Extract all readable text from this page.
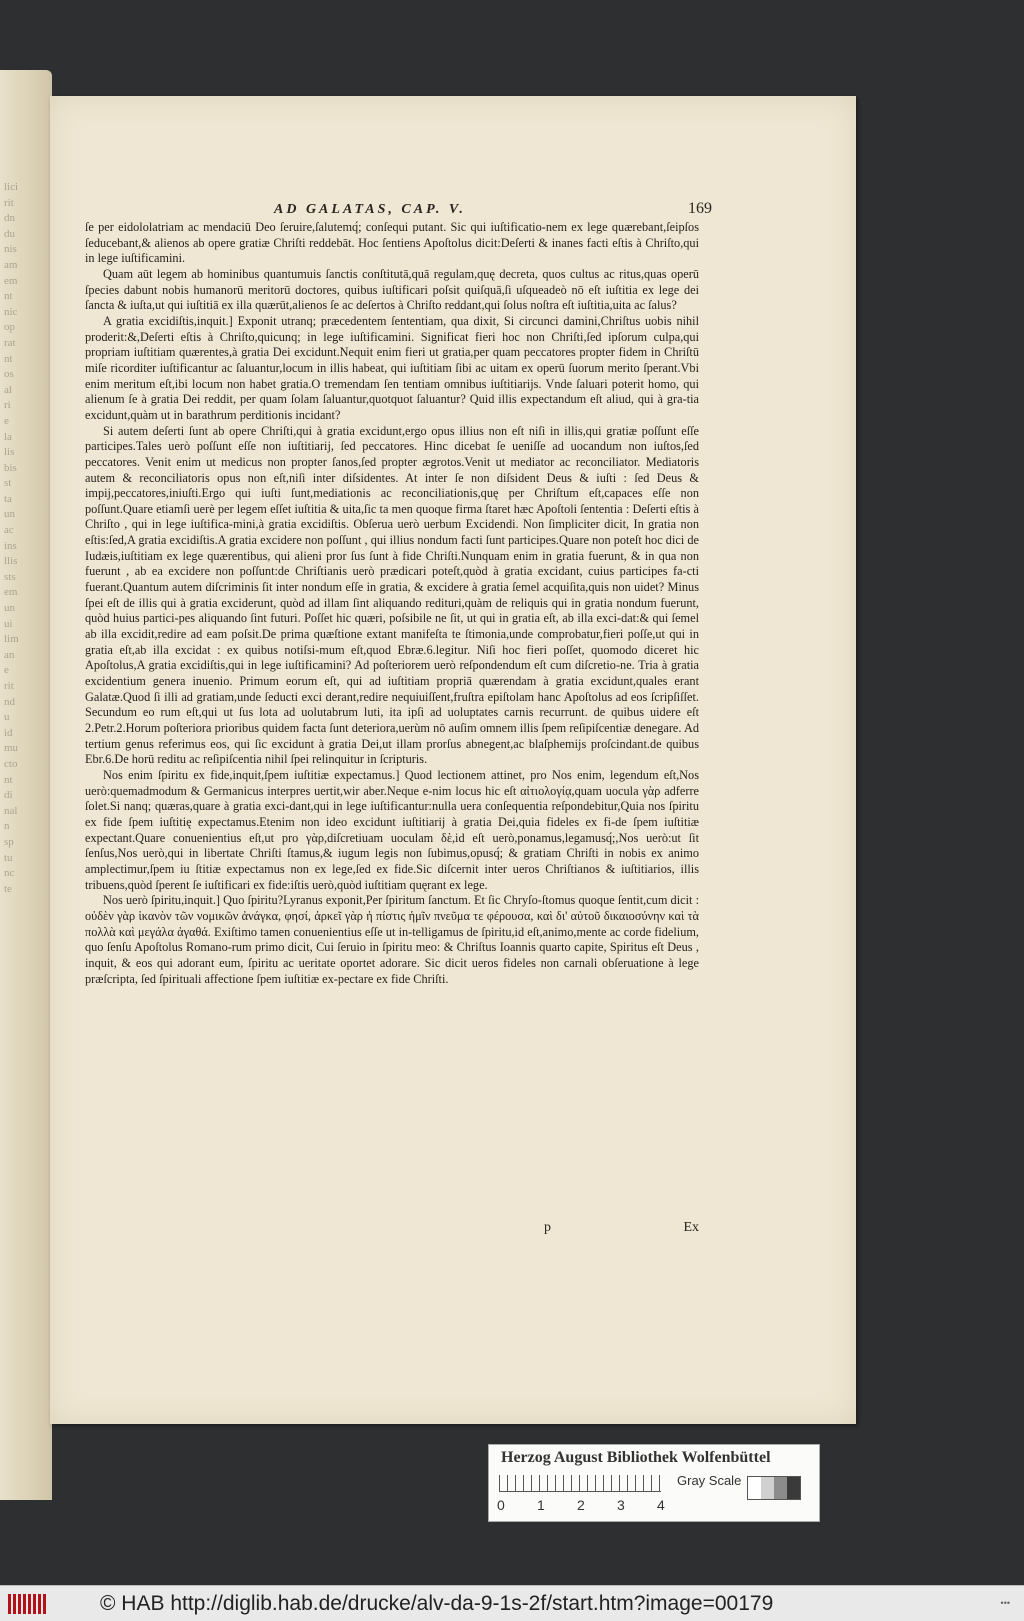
lici
rit
dn
du
nis
am
em
nt
nic
op
rat
nt
os
al
ri
e
la
lis
bis
st
ta
un
ac
ins
llis
sts
em
un
ui
lim
an
e
rit
nd
u
id
mu
cto
nt
di
nal
n
sp
tu
nc
te

AD GALATAS, CAP. V.	169

ſe per eidololatriam ac mendaciū Deo ſeruire,ſalutemq́; conſequi putant. Sic qui iuſtificatio-nem ex lege quærebant,ſeipſos ſeducebant,& alienos ab opere gratiæ Chriſti reddebāt. Hoc ſentiens Apoſtolus dicit:Deſerti & inanes facti eſtis à Chriſto,qui in lege iuſtificamini.

Quam aūt legem ab hominibus quantumuis ſanctis conſtitutā,quā regulam,quę decreta, quos cultus ac ritus,quas operū ſpecies dabunt nobis humanorū meritorū doctores, quibus iuſtificari poſsit quiſquā,ſi uſqueadeò nō eſt iuſtitia ex lege dei ſancta & iuſta,ut qui iuſtitiā ex illa quærūt,alienos ſe ac deſertos à Chriſto reddant,qui ſolus noſtra eſt iuſtitia,uita ac ſalus?

A gratia excidiſtis,inquit.] Exponit utranq; præcedentem ſententiam, qua dixit, Si circunci damini,Chriſtus uobis nihil proderit:&,Deſerti eſtis à Chriſto,quicunq; in lege iuſtificamini. Significat fieri hoc non Chriſti,ſed ipſorum culpa,qui propriam iuſtitiam quærentes,à gratia Dei excidunt.Nequit enim fieri ut gratia,per quam peccatores propter fidem in Chriſtū miſe ricorditer iuſtificantur ac ſaluantur,locum in illis habeat, qui iuſtitiam ſibi ac uitam ex operū ſuorum merito ſperant.Vbi enim meritum eſt,ibi locum non habet gratia.O tremendam ſen tentiam omnibus iuſtitiarijs. Vnde ſaluari poterit homo, qui alienum ſe à gratia Dei reddit, per quam ſolam ſaluantur,quotquot ſaluantur? Quid illis expectandum eſt aliud, qui à gra-tia excidunt,quàm ut in barathrum perditionis incidant?

Si autem deſerti ſunt ab opere Chriſti,qui à gratia excidunt,ergo opus illius non eſt niſi in illis,qui gratiæ poſſunt eſſe participes.Tales uerò poſſunt eſſe non iuſtitiarij, ſed peccatores. Hinc dicebat ſe ueniſſe ad uocandum non iuſtos,ſed peccatores. Venit enim ut medicus non propter ſanos,ſed propter ægrotos.Venit ut mediator ac reconciliator. Mediatoris autem & reconciliatoris opus non eſt,niſi inter diſsidentes. At inter ſe non diſsident Deus & iuſti : ſed Deus & impij,peccatores,iniuſti.Ergo qui iuſti ſunt,mediationis ac reconciliationis,quę per Chriſtum eſt,capaces eſſe non poſſunt.Quare etiamſi uerè per legem eſſet iuſtitia & uita,ſic ta men quoque firma ſtaret hæc Apoſtoli ſententia : Deſerti eſtis à Chriſto , qui in lege iuſtifica-mini,à gratia excidiſtis. Obſerua uerò uerbum Excidendi. Non ſimpliciter dicit, In gratia non eſtis:ſed,A gratia excidiſtis.A gratia excidere non poſſunt , qui illius nondum facti ſunt participes.Quare non poteſt hoc dici de Iudæis,iuſtitiam ex lege quærentibus, qui alieni pror ſus ſunt à fide Chriſti.Nunquam enim in gratia fuerunt, & in qua non fuerunt , ab ea excidere non poſſunt:de Chriſtianis uerò prædicari poteſt,quòd à gratia excidant, cuius participes fa-cti fuerant.Quantum autem diſcriminis ſit inter nondum eſſe in gratia, & excidere à gratia ſemel acquiſita,quis non uidet? Minus ſpei eſt de illis qui à gratia exciderunt, quòd ad illam ſint aliquando redituri,quàm de reliquis qui in gratia nondum fuerunt, quòd huius partici-pes aliquando ſint futuri. Poſſet hic quæri, poſsibile ne ſit, ut qui in gratia eſt, ab illa exci-dat:& qui ſemel ab illa excidit,redire ad eam poſsit.De prima quæſtione extant manifeſta te ſtimonia,unde comprobatur,fieri poſſe,ut qui in gratia eſt,ab illa excidat : ex quibus notiſsi-mum eſt,quod Ebræ.6.legitur. Niſi hoc fieri poſſet, quomodo diceret hic Apoſtolus,A gratia excidiſtis,qui in lege iuſtificamini? Ad poſteriorem uerò reſpondendum eſt cum diſcretio-ne. Tria à gratia excidentium genera inuenio. Primum eorum eſt, qui ad iuſtitiam propriā quærendam à gratia excidunt,quales erant Galatæ.Quod ſi illi ad gratiam,unde ſeducti exci derant,redire nequiuiſſent,fruſtra epiſtolam hanc Apoſtolus ad eos ſcripſiſſet. Secundum eo rum eſt,qui ut ſus lota ad uolutabrum luti, ita ipſi ad uoluptates carnis recurrunt. de quibus uidere eſt 2.Petr.2.Horum poſteriora prioribus quidem facta ſunt deteriora,uerùm nō auſim omnem illis ſpem reſipiſcentiæ denegare. Ad tertium genus referimus eos, qui ſic excidunt à gratia Dei,ut illam prorſus abnegent,ac blaſphemijs proſcindant.de quibus Ebr.6.De horū reditu ac reſipiſcentia nihil ſpei relinquitur in ſcripturis.

Nos enim ſpiritu ex fide,inquit,ſpem iuſtitiæ expectamus.] Quod lectionem attinet, pro Nos enim, legendum eſt,Nos uerò:quemadmodum & Germanicus interpres uertit,wir aber.Neque e-nim locus hic eſt αἰτιολογίᾳ,quam uocula γὰρ adferre ſolet.Si nanq; quæras,quare à gratia exci-dant,qui in lege iuſtificantur:nulla uera conſequentia reſpondebitur,Quia nos ſpiritu ex fide ſpem iuſtitię expectamus.Etenim non ideo excidunt iuſtitiarij à gratia Dei,quia fideles ex fi-de ſpem iuſtitiæ expectant.Quare conuenientius eſt,ut pro γὰρ,diſcretiuam uoculam δὲ,id eſt uerò,ponamus,legamusq́;,Nos uerò:ut ſit ſenſus,Nos uerò,qui in libertate Chriſti ſtamus,& iugum legis non ſubimus,opusq́; & gratiam Chriſti in nobis ex animo amplectimur,ſpem iu ſtitiæ expectamus non ex lege,ſed ex fide.Sic diſcernit inter ueros Chriſtianos & iuſtitiarios, illis tribuens,quòd ſperent ſe iuſtificari ex fide:iſtis uerò,quòd iuſtitiam quęrant ex lege.

Nos uerò ſpiritu,inquit.] Quo ſpiritu?Lyranus exponit,Per ſpiritum ſanctum. Et ſic Chryſo-ſtomus quoque ſentit,cum dicit : οὐδὲν γὰρ ἱκανὸν τῶν νομικῶν ἀνάγκα, φησί, ἀρκεῖ γὰρ ἡ πίστις ἡμῖν πνεῦμα τε φέρουσα, καὶ δι' αὐτοῦ δικαιοσύνην καὶ τὰ πολλὰ καὶ μεγάλα ἀγαθά. Exiſtimo tamen conuenientius eſſe ut in-telligamus de ſpiritu,id eſt,animo,mente ac corde fidelium, quo ſenſu Apoſtolus Romano-rum primo dicit, Cui ſeruio in ſpiritu meo: & Chriſtus Ioannis quarto capite, Spiritus eſt Deus , inquit, & eos qui adorant eum, ſpiritu ac ueritate oportet adorare. Sic dicit ueros fideles non carnali obſeruatione à lege præſcripta, ſed ſpirituali affectione ſpem iuſtitiæ ex-pectare ex fide Chriſti.

p	Ex
Herzog August Bibliothek Wolfenbüttel
0 1 2 3 4
Gray Scale
© HAB http://diglib.hab.de/drucke/alv-da-9-1s-2f/start.htm?image=00179	•••
